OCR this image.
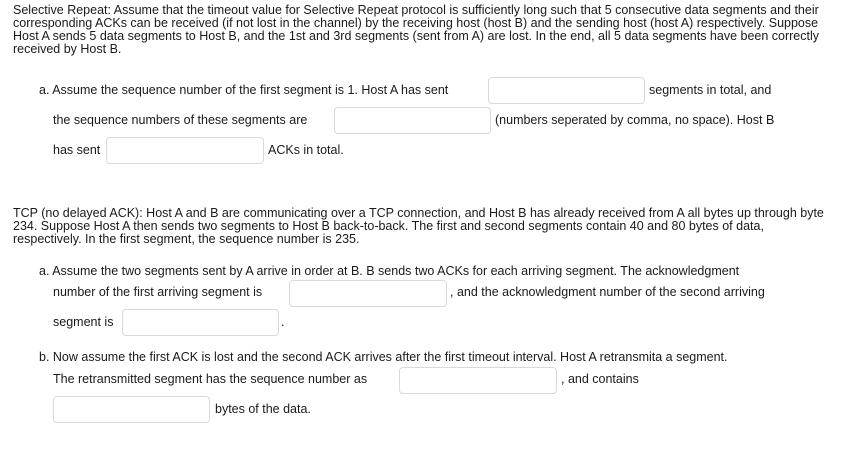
Selective Repeat: Assume that the timeout value for Selective Repeat protocol is sufficiently long such that 5 consecutive data segments and their corresponding ACKs can be received (if not lost in the channel) by the receiving host (host B) and the sending host (host A) respectively. Suppose Host A sends 5 data segments to Host B, and the 1st and 3rd segments (sent from A) are lost. In the end, all 5 data segments have been correctly received by Host B.
a. Assume the sequence number of the first segment is 1. Host A has sent	segments in total, and
the sequence numbers of these segments are	(numbers seperated by comma, no space). Host B
has sent	ACKs in total.
TCP (no delayed ACK): Host A and B are communicating over a TCP connection, and Host B has already received from A all bytes up through byte 234. Suppose Host A then sends two segments to Host B back-to-back. The first and second segments contain 40 and 80 bytes of data, respectively. In the first segment, the sequence number is 235.
a. Assume the two segments sent by A arrive in order at B. B sends two ACKs for each arriving segment. The acknowledgment
number of the first arriving segment is	, and the acknowledgment number of the second arriving
segment is	.
b. Now assume the first ACK is lost and the second ACK arrives after the first timeout interval. Host A retransmita a segment.
The retransmitted segment has the sequence number as	, and contains
bytes of the data.
